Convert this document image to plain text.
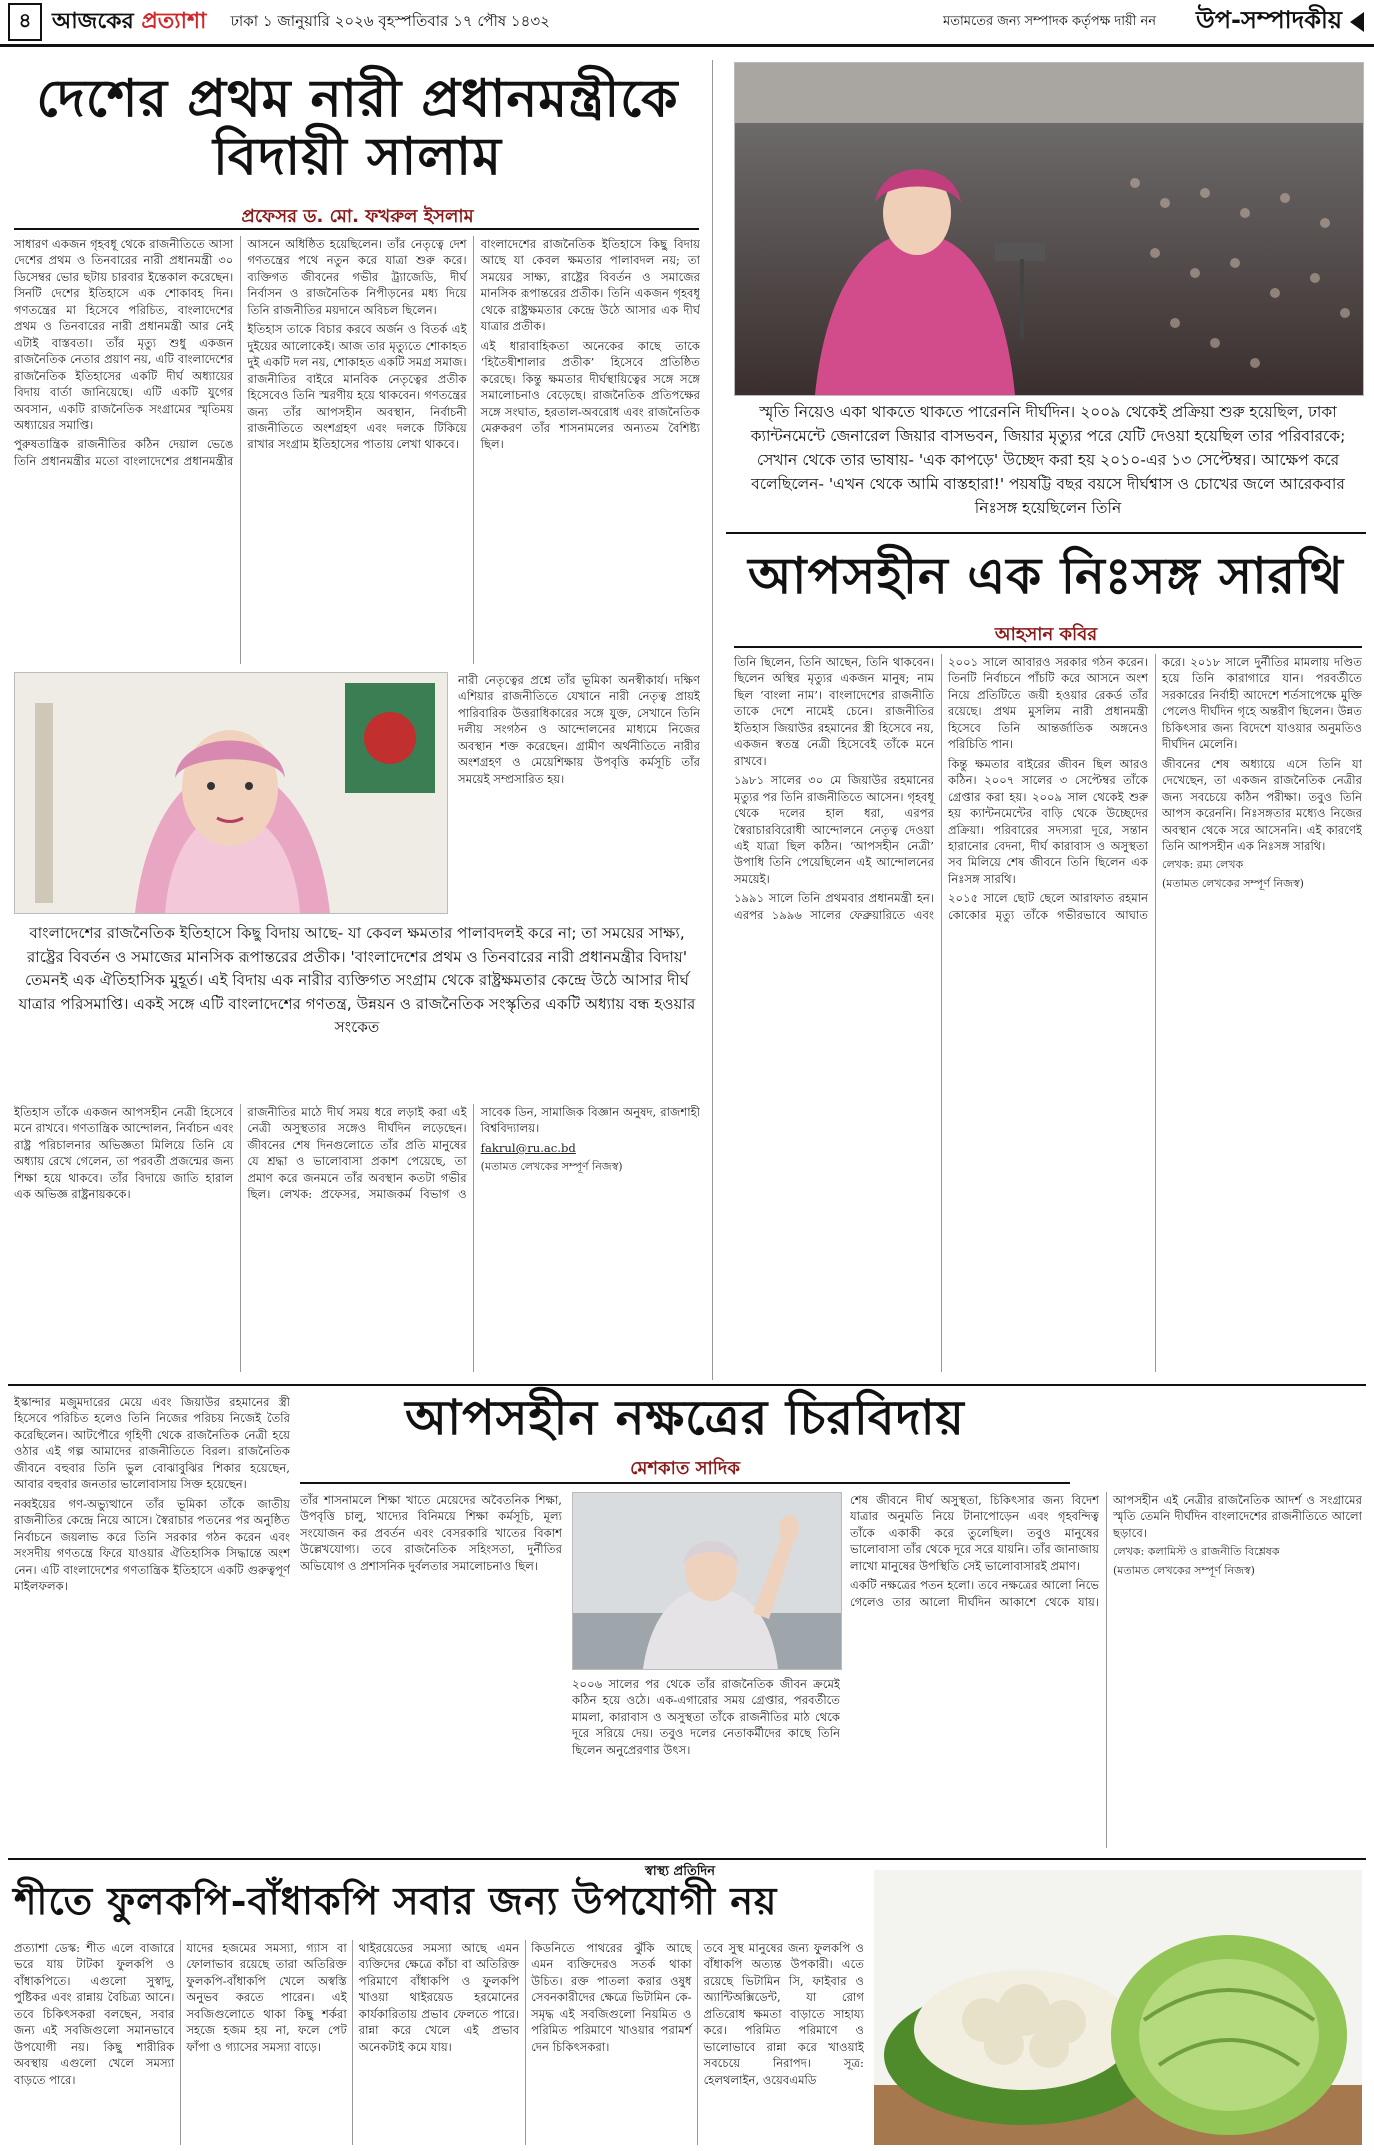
৪ আজকের প্রত্যাশা ঢাকা ১ জানুয়ারি ২০২৬ বৃহস্পতিবার ১৭ পৌষ ১৪৩২	মতামতের জন্য সম্পাদক কর্তৃপক্ষ দায়ী নন উপ-সম্পাদকীয়
দেশের প্রথম নারী প্রধানমন্ত্রীকে
বিদায়ী সালাম
প্রফেসর ড. মো. ফখরুল ইসলাম

সাধারণ একজন গৃহবধূ থেকে রাজনীতিতে আসা দেশের প্রথম ও তিনবারের নারী প্রধানমন্ত্রী ৩০ ডিসেম্বর ভোর ছটায় চারবার ইন্তেকাল করেছেন। সিনটি দেশের ইতিহাসে এক শোকাবহ দিন। গণতন্ত্রের মা হিসেবে পরিচিত, বাংলাদেশের প্রথম ও তিনবারের নারী প্রধানমন্ত্রী আর নেই এটাই বাস্তবতা। তাঁর মৃত্যু শুধু একজন রাজনৈতিক নেতার প্রয়াণ নয়, এটি বাংলাদেশের রাজনৈতিক ইতিহাসের একটি দীর্ঘ অধ্যায়ের বিদায় বার্তা জানিয়েছে। এটি একটি যুগের অবসান, একটি রাজনৈতিক সংগ্রামের স্মৃতিময় অধ্যায়ের সমাপ্তি।

পুরুষতান্ত্রিক রাজনীতির কঠিন দেয়াল ভেঙে তিনি প্রধানমন্ত্রীর মতো বাংলাদেশের প্রধানমন্ত্রীর আসনে অধিষ্ঠিত হয়েছিলেন। তাঁর নেতৃত্বে দেশ গণতন্ত্রের পথে নতুন করে যাত্রা শুরু করে। ব্যক্তিগত জীবনের গভীর ট্র্যাজেডি, দীর্ঘ নির্বাসন ও রাজনৈতিক নিপীড়নের মধ্য দিয়ে তিনি রাজনীতির ময়দানে অবিচল ছিলেন।

ইতিহাস তাকে বিচার করবে অর্জন ও বিতর্ক এই দুইয়ের আলোকেই। আজ তার মৃত্যুতে শোকাহত দুই একটি দল নয়, শোকাহত একটি সমগ্র সমাজ। রাজনীতির বাইরে মানবিক নেতৃত্বের প্রতীক হিসেবেও তিনি স্মরণীয় হয়ে থাকবেন। গণতন্ত্রের জন্য তাঁর আপসহীন অবস্থান, নির্বাচনী রাজনীতিতে অংশগ্রহণ এবং দলকে টিকিয়ে রাখার সংগ্রাম ইতিহাসের পাতায় লেখা থাকবে।

বাংলাদেশের রাজনৈতিক ইতিহাসে কিছু বিদায় আছে যা কেবল ক্ষমতার পালাবদল নয়; তা সময়ের সাক্ষ্য, রাষ্ট্রের বিবর্তন ও সমাজের মানসিক রূপান্তরের প্রতীক। তিনি একজন গৃহবধূ থেকে রাষ্ট্রক্ষমতার কেন্দ্রে উঠে আসার এক দীর্ঘ যাত্রার প্রতীক।

এই ধারাবাহিকতা অনেকের কাছে তাকে ‘হিতৈষীশালার প্রতীক’ হিসেবে প্রতিষ্ঠিত করেছে। কিন্তু ক্ষমতার দীর্ঘস্থায়িত্বের সঙ্গে সঙ্গে সমালোচনাও বেড়েছে। রাজনৈতিক প্রতিপক্ষের সঙ্গে সংঘাত, হরতাল-অবরোধ এবং রাজনৈতিক মেরুকরণ তাঁর শাসনামলের অন্যতম বৈশিষ্ট্য ছিল।

নারী নেতৃত্বের প্রশ্নে তাঁর ভূমিকা অনস্বীকার্য। দক্ষিণ এশিয়ার রাজনীতিতে যেখানে নারী নেতৃত্ব প্রায়ই পারিবারিক উত্তরাধিকারের সঙ্গে যুক্ত, সেখানে তিনি দলীয় সংগঠন ও আন্দোলনের মাধ্যমে নিজের অবস্থান শক্ত করেছেন। গ্রামীণ অর্থনীতিতে নারীর অংশগ্রহণ ও মেয়েশিক্ষায় উপবৃত্তি কর্মসূচি তাঁর সময়েই সম্প্রসারিত হয়।

বাংলাদেশের রাজনৈতিক ইতিহাসে কিছু বিদায় আছে- যা কেবল ক্ষমতার পালাবদলই করে না; তা সময়ের সাক্ষ্য, রাষ্ট্রের বিবর্তন ও সমাজের মানসিক রূপান্তরের প্রতীক। 'বাংলাদেশের প্রথম ও তিনবারের নারী প্রধানমন্ত্রীর বিদায়' তেমনই এক ঐতিহাসিক মুহূর্ত। এই বিদায় এক নারীর ব্যক্তিগত সংগ্রাম থেকে রাষ্ট্রক্ষমতার কেন্দ্রে উঠে আসার দীর্ঘ যাত্রার পরিসমাপ্তি। একই সঙ্গে এটি বাংলাদেশের গণতন্ত্র, উন্নয়ন ও রাজনৈতিক সংস্কৃতির একটি অধ্যায় বন্ধ হওয়ার সংকেত

ইতিহাস তাঁকে একজন আপসহীন নেত্রী হিসেবে মনে রাখবে। গণতান্ত্রিক আন্দোলন, নির্বাচন এবং রাষ্ট্র পরিচালনার অভিজ্ঞতা মিলিয়ে তিনি যে অধ্যায় রেখে গেলেন, তা পরবর্তী প্রজন্মের জন্য শিক্ষা হয়ে থাকবে। তাঁর বিদায়ে জাতি হারাল এক অভিজ্ঞ রাষ্ট্রনায়ককে।

রাজনীতির মাঠে দীর্ঘ সময় ধরে লড়াই করা এই নেত্রী অসুস্থতার সঙ্গেও দীর্ঘদিন লড়েছেন। জীবনের শেষ দিনগুলোতে তাঁর প্রতি মানুষের যে শ্রদ্ধা ও ভালোবাসা প্রকাশ পেয়েছে, তা প্রমাণ করে জনমনে তাঁর অবস্থান কতটা গভীর ছিল। লেখক: প্রফেসর, সমাজকর্ম বিভাগ ও সাবেক ডিন, সামাজিক বিজ্ঞান অনুষদ, রাজশাহী বিশ্ববিদ্যালয়।

fakrul@ru.ac.bd

(মতামত লেখকের সম্পূর্ণ নিজস্ব)

স্মৃতি নিয়েও একা থাকতে থাকতে পারেননি দীর্ঘদিন। ২০০৯ থেকেই প্রক্রিয়া শুরু হয়েছিল, ঢাকা ক্যান্টনমেন্টে জেনারেল জিয়ার বাসভবন, জিয়ার মৃত্যুর পরে যেটি দেওয়া হয়েছিল তার পরিবারকে; সেখান থেকে তার ভাষায়- 'এক কাপড়ে' উচ্ছেদ করা হয় ২০১০-এর ১৩ সেপ্টেম্বর। আক্ষেপ করে বলেছিলেন- 'এখন থেকে আমি বাস্তহারা!' পয়ষট্টি বছর বয়সে দীর্ঘশ্বাস ও চোখের জলে আরেকবার নিঃসঙ্গ হয়েছিলেন তিনি
আপসহীন এক নিঃসঙ্গ সারথি
আহসান কবির

তিনি ছিলেন, তিনি আছেন, তিনি থাকবেন। ছিলেন অস্থির মৃত্যুর একজন মানুষ; নাম ছিল ‘বাংলা নাম’। বাংলাদেশের রাজনীতি তাকে দেশে নামেই চেনে। রাজনীতির ইতিহাস জিয়াউর রহমানের স্ত্রী হিসেবে নয়, একজন স্বতন্ত্র নেত্রী হিসেবেই তাঁকে মনে রাখবে।

১৯৮১ সালের ৩০ মে জিয়াউর রহমানের মৃত্যুর পর তিনি রাজনীতিতে আসেন। গৃহবধূ থেকে দলের হাল ধরা, এরপর স্বৈরাচারবিরোধী আন্দোলনে নেতৃত্ব দেওয়া এই যাত্রা ছিল কঠিন। ‘আপসহীন নেত্রী’ উপাধি তিনি পেয়েছিলেন এই আন্দোলনের সময়েই।

১৯৯১ সালে তিনি প্রথমবার প্রধানমন্ত্রী হন। এরপর ১৯৯৬ সালের ফেব্রুয়ারিতে এবং ২০০১ সালে আবারও সরকার গঠন করেন। তিনটি নির্বাচনে পাঁচটি করে আসনে অংশ নিয়ে প্রতিটিতে জয়ী হওয়ার রেকর্ড তাঁর রয়েছে। প্রথম মুসলিম নারী প্রধানমন্ত্রী হিসেবে তিনি আন্তর্জাতিক অঙ্গনেও পরিচিতি পান।

কিন্তু ক্ষমতার বাইরের জীবন ছিল আরও কঠিন। ২০০৭ সালের ৩ সেপ্টেম্বর তাঁকে গ্রেপ্তার করা হয়। ২০০৯ সাল থেকেই শুরু হয় ক্যান্টনমেন্টের বাড়ি থেকে উচ্ছেদের প্রক্রিয়া। পরিবারের সদস্যরা দূরে, সন্তান হারানোর বেদনা, দীর্ঘ কারাবাস ও অসুস্থতা সব মিলিয়ে শেষ জীবনে তিনি ছিলেন এক নিঃসঙ্গ সারথি।

২০১৫ সালে ছোট ছেলে আরাফাত রহমান কোকোর মৃত্যু তাঁকে গভীরভাবে আঘাত করে। ২০১৮ সালে দুর্নীতির মামলায় দণ্ডিত হয়ে তিনি কারাগারে যান। পরবর্তীতে সরকারের নির্বাহী আদেশে শর্তসাপেক্ষে মুক্তি পেলেও দীর্ঘদিন গৃহে অন্তরীণ ছিলেন। উন্নত চিকিৎসার জন্য বিদেশে যাওয়ার অনুমতিও দীর্ঘদিন মেলেনি।

জীবনের শেষ অধ্যায়ে এসে তিনি যা দেখেছেন, তা একজন রাজনৈতিক নেত্রীর জন্য সবচেয়ে কঠিন পরীক্ষা। তবুও তিনি আপস করেননি। নিঃসঙ্গতার মধ্যেও নিজের অবস্থান থেকে সরে আসেননি। এই কারণেই তিনি আপসহীন এক নিঃসঙ্গ সারথি।

লেখক: রম্য লেখক

(মতামত লেখকের সম্পূর্ণ নিজস্ব)

আপসহীন নক্ষত্রের চিরবিদায়
মেশকাত সাদিক

ইস্কান্দার মজুমদারের মেয়ে এবং জিয়াউর রহমানের স্ত্রী হিসেবে পরিচিত হলেও তিনি নিজের পরিচয় নিজেই তৈরি করেছিলেন। আটপৌরে গৃহিণী থেকে রাজনৈতিক নেত্রী হয়ে ওঠার এই গল্প আমাদের রাজনীতিতে বিরল। রাজনৈতিক জীবনে বহুবার তিনি ভুল বোঝাবুঝির শিকার হয়েছেন, আবার বহুবার জনতার ভালোবাসায় সিক্ত হয়েছেন।

নব্বইয়ের গণ-অভ্যুত্থানে তাঁর ভূমিকা তাঁকে জাতীয় রাজনীতির কেন্দ্রে নিয়ে আসে। স্বৈরাচার পতনের পর অনুষ্ঠিত নির্বাচনে জয়লাভ করে তিনি সরকার গঠন করেন এবং সংসদীয় গণতন্ত্রে ফিরে যাওয়ার ঐতিহাসিক সিদ্ধান্তে অংশ নেন। এটি বাংলাদেশের গণতান্ত্রিক ইতিহাসে একটি গুরুত্বপূর্ণ মাইলফলক।

তাঁর শাসনামলে শিক্ষা খাতে মেয়েদের অবৈতনিক শিক্ষা, উপবৃত্তি চালু, খাদ্যের বিনিময়ে শিক্ষা কর্মসূচি, মূল্য সংযোজন কর প্রবর্তন এবং বেসরকারি খাতের বিকাশ উল্লেখযোগ্য। তবে রাজনৈতিক সহিংসতা, দুর্নীতির অভিযোগ ও প্রশাসনিক দুর্বলতার সমালোচনাও ছিল।

২০০৬ সালের পর থেকে তাঁর রাজনৈতিক জীবন ক্রমেই কঠিন হয়ে ওঠে। এক-এগারোর সময় গ্রেপ্তার, পরবর্তীতে মামলা, কারাবাস ও অসুস্থতা তাঁকে রাজনীতির মাঠ থেকে দূরে সরিয়ে দেয়। তবুও দলের নেতাকর্মীদের কাছে তিনি ছিলেন অনুপ্রেরণার উৎস।

শেষ জীবনে দীর্ঘ অসুস্থতা, চিকিৎসার জন্য বিদেশ যাত্রার অনুমতি নিয়ে টানাপোড়েন এবং গৃহবন্দিত্ব তাঁকে একাকী করে তুলেছিল। তবুও মানুষের ভালোবাসা তাঁর থেকে দূরে সরে যায়নি। তাঁর জানাজায় লাখো মানুষের উপস্থিতি সেই ভালোবাসারই প্রমাণ।

একটি নক্ষত্রের পতন হলো। তবে নক্ষত্রের আলো নিভে গেলেও তার আলো দীর্ঘদিন আকাশে থেকে যায়। আপসহীন এই নেত্রীর রাজনৈতিক আদর্শ ও সংগ্রামের স্মৃতি তেমনি দীর্ঘদিন বাংলাদেশের রাজনীতিতে আলো ছড়াবে।

লেখক: কলামিস্ট ও রাজনীতি বিশ্লেষক

(মতামত লেখকের সম্পূর্ণ নিজস্ব)

স্বাস্থ্য প্রতিদিন
শীতে ফুলকপি-বাঁধাকপি সবার জন্য উপযোগী নয়

প্রত্যাশা ডেস্ক: শীত এলে বাজারে ভরে যায় টাটকা ফুলকপি ও বাঁধাকপিতে। এগুলো সুস্বাদু, পুষ্টিকর এবং রান্নায় বৈচিত্র্য আনে। তবে চিকিৎসকরা বলছেন, সবার জন্য এই সবজিগুলো সমানভাবে উপযোগী নয়। কিছু শারীরিক অবস্থায় এগুলো খেলে সমস্যা বাড়তে পারে।

যাদের হজমের সমস্যা, গ্যাস বা ফোলাভাব রয়েছে তারা অতিরিক্ত ফুলকপি-বাঁধাকপি খেলে অস্বস্তি অনুভব করতে পারেন। এই সবজিগুলোতে থাকা কিছু শর্করা সহজে হজম হয় না, ফলে পেট ফাঁপা ও গ্যাসের সমস্যা বাড়ে।

থাইরয়েডের সমস্যা আছে এমন ব্যক্তিদের ক্ষেত্রে কাঁচা বা অতিরিক্ত পরিমাণে বাঁধাকপি ও ফুলকপি খাওয়া থাইরয়েড হরমোনের কার্যকারিতায় প্রভাব ফেলতে পারে। রান্না করে খেলে এই প্রভাব অনেকটাই কমে যায়।

কিডনিতে পাথরের ঝুঁকি আছে এমন ব্যক্তিদেরও সতর্ক থাকা উচিত। রক্ত পাতলা করার ওষুধ সেবনকারীদের ক্ষেত্রে ভিটামিন কে-সমৃদ্ধ এই সবজিগুলো নিয়মিত ও পরিমিত পরিমাণে খাওয়ার পরামর্শ দেন চিকিৎসকরা।

তবে সুস্থ মানুষের জন্য ফুলকপি ও বাঁধাকপি অত্যন্ত উপকারী। এতে রয়েছে ভিটামিন সি, ফাইবার ও অ্যান্টিঅক্সিডেন্ট, যা রোগ প্রতিরোধ ক্ষমতা বাড়াতে সাহায্য করে। পরিমিত পরিমাণে ও ভালোভাবে রান্না করে খাওয়াই সবচেয়ে নিরাপদ। সূত্র: হেলথলাইন, ওয়েবএমডি
